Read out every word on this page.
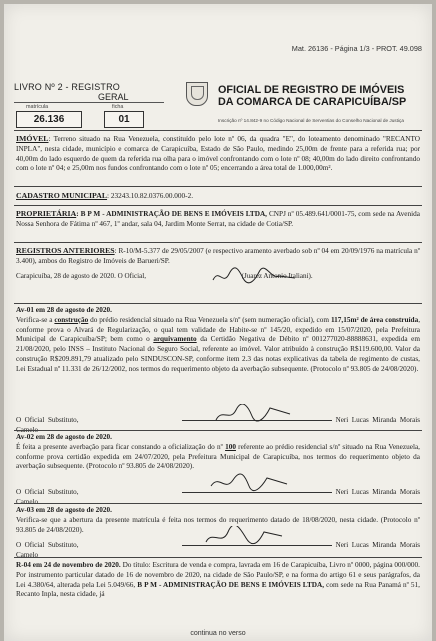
Mat. 26136 - Página 1/3 - PROT. 49.098
LIVRO Nº 2 - REGISTRO
GERAL
matrícula	ficha
26.136	01
OFICIAL DE REGISTRO DE IMÓVEIS
DA COMARCA DE CARAPICUÍBA/SP
Inscrição nº 14.842-9 no Código Nacional de Serventias do Conselho Nacional de Justiça
IMÓVEL: Terreno situado na Rua Venezuela, constituído pelo lote nº 06, da quadra "E", do loteamento denominado "RECANTO INPLA", nesta cidade, município e comarca de Carapicuíba, Estado de São Paulo, medindo 25,00m de frente para a referida rua; por 40,00m do lado esquerdo de quem da referida rua olha para o imóvel confrontando com o lote nº 08; 40,00m do lado direito confrontando com o lote nº 04; e 25,00m nos fundos confrontando com o lote nº 05; encerrando a área total de 1.000,00m².
CADASTRO MUNICIPAL: 23243.10.82.0376.00.000-2.
PROPRIETÁRIA: B P M - ADMINISTRAÇÃO DE BENS E IMÓVEIS LTDA, CNPJ nº 05.489.641/0001-75, com sede na Avenida Nossa Senhora de Fátima nº 467, 1º andar, sala 04, Jardim Monte Serrat, na cidade de Cotia/SP.
REGISTROS ANTERIORES: R-10/M-5.377 de 29/05/2007 (e respectivo aramento averbado sob nº 04 em 20/09/1976 na matrícula nº 3.400), ambos do Registro de Imóveis de Barueri/SP.
Carapicuíba, 28 de agosto de 2020. O Oficial,	(Juarez Antonio Italiani).
Av-01 em 28 de agosto de 2020.
Verifica-se a construção do prédio residencial situado na Rua Venezuela s/nº (sem numeração oficial), com 117,15m² de área construída, conforme prova o Alvará de Regularização, o qual tem validade de Habite-se nº 145/20, expedido em 15/07/2020, pela Prefeitura Municipal de Carapicuíba/SP; bem como o arquivamento da Certidão Negativa de Débito nº 001277020-88888631, expedida em 21/08/2020, pelo INSS – Instituto Nacional do Seguro Social, referente ao imóvel. Valor atribuído à construção R$119.600,00. Valor da construção R$209.891,79 atualizado pelo SINDUSCON-SP, conforme item 2.3 das notas explicativas da tabela de regimento de custas, Lei Estadual nº 11.331 de 26/12/2002, nos termos do requerimento objeto da averbação subsequente. (Protocolo nº 93.805 de 24/08/2020).
O Oficial Substituto,	Neri Lucas Miranda Morais Camelo
Av-02 em 28 de agosto de 2020.
É feita a presente averbação para ficar constando a oficialização do nº 100 referente ao prédio residencial s/nº situado na Rua Venezuela, conforme prova certidão expedida em 24/07/2020, pela Prefeitura Municipal de Carapicuíba, nos termos do requerimento objeto da averbação subsequente. (Protocolo nº 93.805 de 24/08/2020).
O Oficial Substituto,	Neri Lucas Miranda Morais Camelo
Av-03 em 28 de agosto de 2020.
Verifica-se que a abertura da presente matrícula é feita nos termos do requerimento datado de 18/08/2020, nesta cidade. (Protocolo nº 93.805 de 24/08/2020).
O Oficial Substituto,	Neri Lucas Miranda Morais Camelo
R-04 em 24 de novembro de 2020. Do título: Escritura de venda e compra, lavrada em 16 de Carapicuíba, Livro nº 0000, página 000/000. Por instrumento particular datado de 16 de novembro de 2020, na cidade de São Paulo/SP, e na forma do artigo 61 e seus parágrafos, da Lei 4.380/64, alterada pela Lei 5.049/66, B P M - ADMINISTRAÇÃO DE BENS E IMÓVEIS LTDA, com sede na Rua Panamá nº 51, Recanto Inpla, nesta cidade, já
continua no verso
